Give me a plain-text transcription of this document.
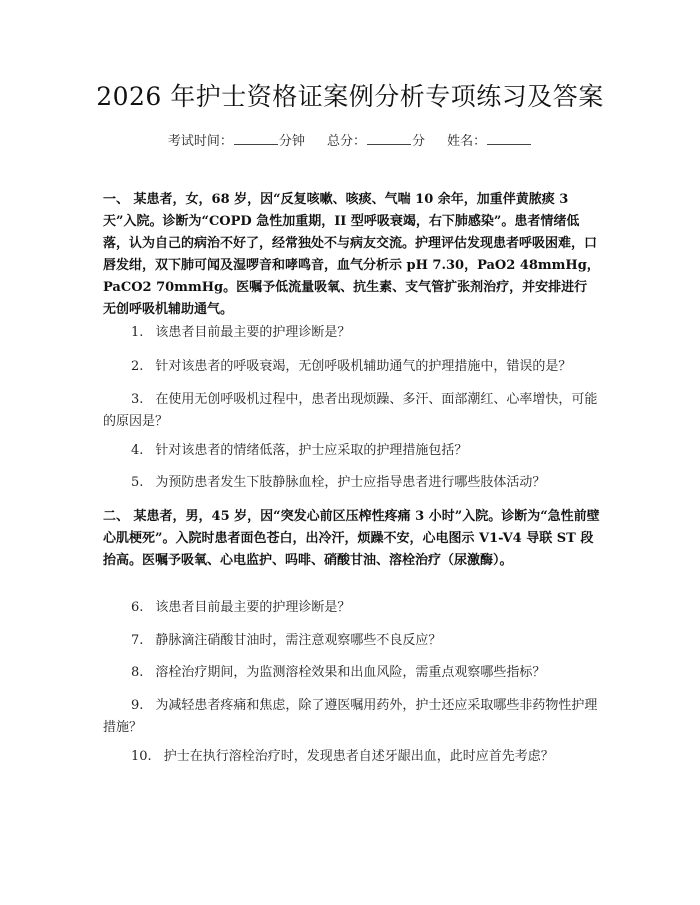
2026 年护士资格证案例分析专项练习及答案
考试时间：	分钟 总分：	分 姓名：
一、 某患者，女，68 岁，因“反复咳嗽、咳痰、气喘 10 余年，加重伴黄脓痰 3 天”入院。诊断为“COPD 急性加重期，II 型呼吸衰竭，右下肺感染”。患者情绪低落，认为自己的病治不好了，经常独处不与病友交流。护理评估发现患者呼吸困难，口唇发绀，双下肺可闻及湿啰音和哮鸣音，血气分析示 pH 7.30，PaO2 48mmHg，PaCO2 70mmHg。医嘱予低流量吸氧、抗生素、支气管扩张剂治疗，并安排进行无创呼吸机辅助通气。
1. 该患者目前最主要的护理诊断是？
2. 针对该患者的呼吸衰竭，无创呼吸机辅助通气的护理措施中，错误的是？
3. 在使用无创呼吸机过程中，患者出现烦躁、多汗、面部潮红、心率增快，可能的原因是？
4. 针对该患者的情绪低落，护士应采取的护理措施包括？
5. 为预防患者发生下肢静脉血栓，护士应指导患者进行哪些肢体活动？
二、 某患者，男，45 岁，因“突发心前区压榨性疼痛 3 小时”入院。诊断为“急性前壁心肌梗死”。入院时患者面色苍白，出冷汗，烦躁不安，心电图示 V1-V4 导联 ST 段抬高。医嘱予吸氧、心电监护、吗啡、硝酸甘油、溶栓治疗（尿激酶）。
6. 该患者目前最主要的护理诊断是？
7. 静脉滴注硝酸甘油时，需注意观察哪些不良反应？
8. 溶栓治疗期间，为监测溶栓效果和出血风险，需重点观察哪些指标？
9. 为减轻患者疼痛和焦虑，除了遵医嘱用药外，护士还应采取哪些非药物性护理措施？
10. 护士在执行溶栓治疗时，发现患者自述牙龈出血，此时应首先考虑？
